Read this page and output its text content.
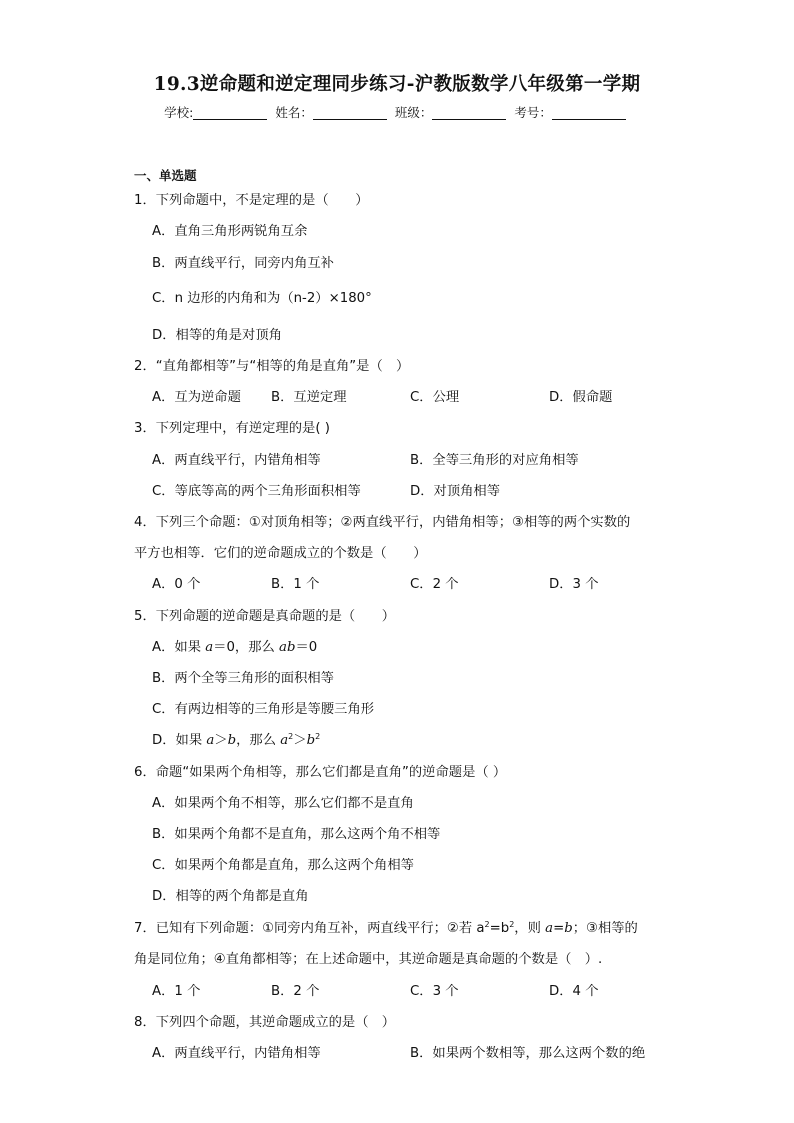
19.3逆命题和逆定理同步练习-沪教版数学八年级第一学期
学校:	姓名：	班级：	考号：
一、单选题
1．下列命题中，不是定理的是（　　）
A．直角三角形两锐角互余
B．两直线平行，同旁内角互补
C．n 边形的内角和为（n-2）×180°
D．相等的角是对顶角
2．“直角都相等”与“相等的角是直角”是（　）
A．互为逆命题 B．互逆定理	C．公理	D．假命题
3．下列定理中，有逆定理的是( )
A．两直线平行，内错角相等	B．全等三角形的对应角相等
C．等底等高的两个三角形面积相等	D．对顶角相等
4．下列三个命题：①对顶角相等；②两直线平行，内错角相等；③相等的两个实数的
平方也相等．它们的逆命题成立的个数是（　　）
A．0 个	B．1 个	C．2 个	D．3 个
5．下列命题的逆命题是真命题的是（　　）
A．如果 a＝0，那么 ab＝0
B．两个全等三角形的面积相等
C．有两边相等的三角形是等腰三角形
D．如果 a＞b，那么 $a^2>b^2$
6．命题“如果两个角相等，那么它们都是直角”的逆命题是（ ）
A．如果两个角不相等，那么它们都不是直角
B．如果两个角都不是直角，那么这两个角不相等
C．如果两个角都是直角，那么这两个角相等
D．相等的两个角都是直角
7．已知有下列命题：①同旁内角互补，两直线平行；②若 $a^2=b^2$，则 a=b；③相等的
角是同位角；④直角都相等；在上述命题中，其逆命题是真命题的个数是（　）.
A．1 个	B．2 个	C．3 个	D．4 个
8．下列四个命题，其逆命题成立的是（　）
A．两直线平行，内错角相等	B．如果两个数相等，那么这两个数的绝
